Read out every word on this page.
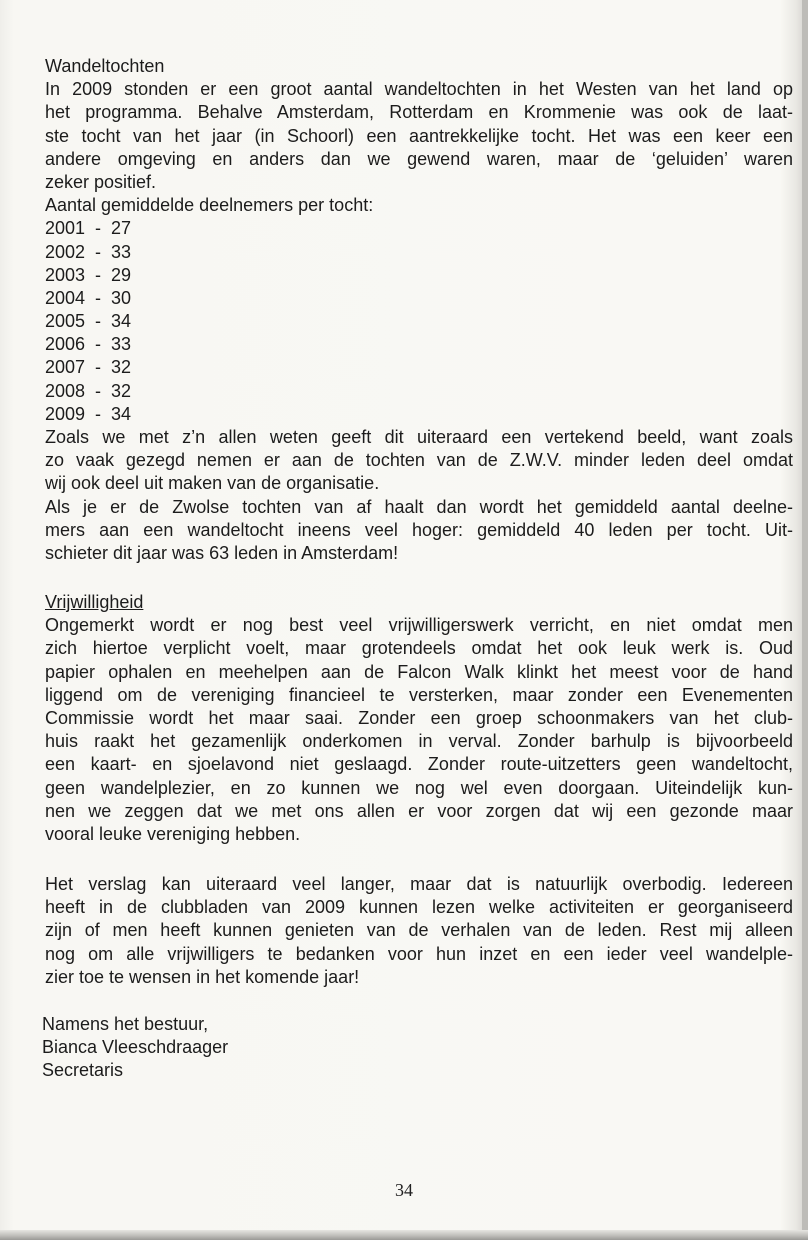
Wandeltochten
In 2009 stonden er een groot aantal wandeltochten in het Westen van het land op
het programma. Behalve Amsterdam, Rotterdam en Krommenie was ook de laat-
ste tocht van het jaar (in Schoorl) een aantrekkelijke tocht. Het was een keer een
andere omgeving en anders dan we gewend waren, maar de ‘geluiden’ waren
zeker positief.
Aantal gemiddelde deelnemers per tocht:
2001  -  27
2002  -  33
2003  -  29
2004  -  30
2005  -  34
2006  -  33
2007  -  32
2008  -  32
2009  -  34
Zoals we met z’n allen weten geeft dit uiteraard een vertekend beeld, want zoals
zo vaak gezegd nemen er aan de tochten van de Z.W.V. minder leden deel omdat
wij ook deel uit maken van de organisatie.
Als je er de Zwolse tochten van af haalt dan wordt het gemiddeld aantal deelne-
mers aan een wandeltocht ineens veel hoger: gemiddeld 40 leden per tocht. Uit-
schieter dit jaar was 63 leden in Amsterdam!
Vrijwilligheid
Ongemerkt wordt er nog best veel vrijwilligerswerk verricht, en niet omdat men
zich hiertoe verplicht voelt, maar grotendeels omdat het ook leuk werk is. Oud
papier ophalen en meehelpen aan de Falcon Walk klinkt het meest voor de hand
liggend om de vereniging financieel te versterken, maar zonder een Evenementen
Commissie wordt het maar saai. Zonder een groep schoonmakers van het club-
huis raakt het gezamenlijk onderkomen in verval. Zonder barhulp is bijvoorbeeld
een kaart- en sjoelavond niet geslaagd. Zonder route-uitzetters geen wandeltocht,
geen wandelplezier, en zo kunnen we nog wel even doorgaan. Uiteindelijk kun-
nen we zeggen dat we met ons allen er voor zorgen dat wij een gezonde maar
vooral leuke vereniging hebben.
Het verslag kan uiteraard veel langer, maar dat is natuurlijk overbodig. Iedereen
heeft in de clubbladen van 2009 kunnen lezen welke activiteiten er georganiseerd
zijn of men heeft kunnen genieten van de verhalen van de leden. Rest mij alleen
nog om alle vrijwilligers te bedanken voor hun inzet en een ieder veel wandelple-
zier toe te wensen in het komende jaar!
Namens het bestuur,
Bianca Vleeschdraager
Secretaris
34
